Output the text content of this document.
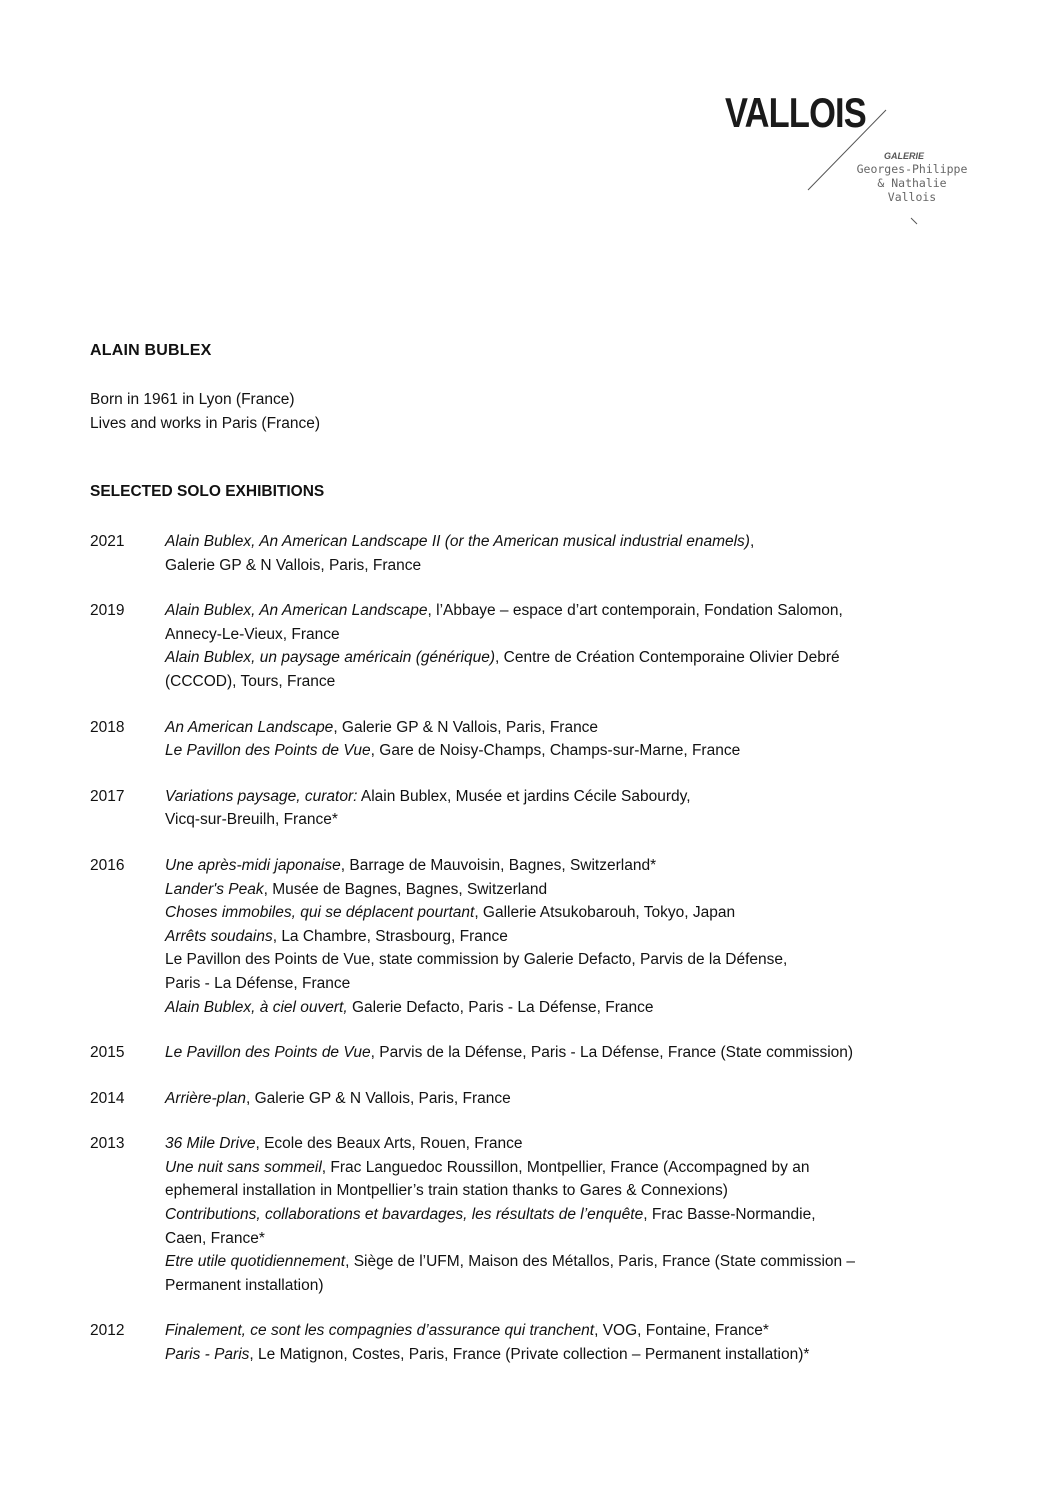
VALLOIS
GALERIE
Georges-Philippe
& Nathalie
Vallois
ALAIN BUBLEX
Born in 1961 in Lyon (France)
Lives and works in Paris (France)
SELECTED SOLO EXHIBITIONS
2021	Alain Bublex, An American Landscape II (or the American musical industrial enamels),
Galerie GP & N Vallois, Paris, France
2019	Alain Bublex, An American Landscape, l’Abbaye – espace d’art contemporain, Fondation Salomon,
Annecy-Le-Vieux, France
Alain Bublex, un paysage américain (générique), Centre de Création Contemporaine Olivier Debré
(CCCOD), Tours, France
2018	An American Landscape, Galerie GP & N Vallois, Paris, France
Le Pavillon des Points de Vue, Gare de Noisy-Champs, Champs-sur-Marne, France
2017	Variations paysage, curator: Alain Bublex, Musée et jardins Cécile Sabourdy,
Vicq-sur-Breuilh, France*
2016	Une après-midi japonaise, Barrage de Mauvoisin, Bagnes, Switzerland*
Lander's Peak, Musée de Bagnes, Bagnes, Switzerland
Choses immobiles, qui se déplacent pourtant, Gallerie Atsukobarouh, Tokyo, Japan
Arrêts soudains, La Chambre, Strasbourg, France
Le Pavillon des Points de Vue, state commission by Galerie Defacto, Parvis de la Défense,
Paris - La Défense, France
Alain Bublex, à ciel ouvert, Galerie Defacto, Paris - La Défense, France
2015	Le Pavillon des Points de Vue, Parvis de la Défense, Paris - La Défense, France (State commission)
2014	Arrière-plan, Galerie GP & N Vallois, Paris, France
2013	36 Mile Drive, Ecole des Beaux Arts, Rouen, France
Une nuit sans sommeil, Frac Languedoc Roussillon, Montpellier, France (Accompagned by an
ephemeral installation in Montpellier’s train station thanks to Gares & Connexions)
Contributions, collaborations et bavardages, les résultats de l’enquête, Frac Basse-Normandie,
Caen, France*
Etre utile quotidiennement, Siège de l’UFM, Maison des Métallos, Paris, France (State commission –
Permanent installation)
2012	Finalement, ce sont les compagnies d’assurance qui tranchent, VOG, Fontaine, France*
Paris - Paris, Le Matignon, Costes, Paris, France (Private collection – Permanent installation)*
